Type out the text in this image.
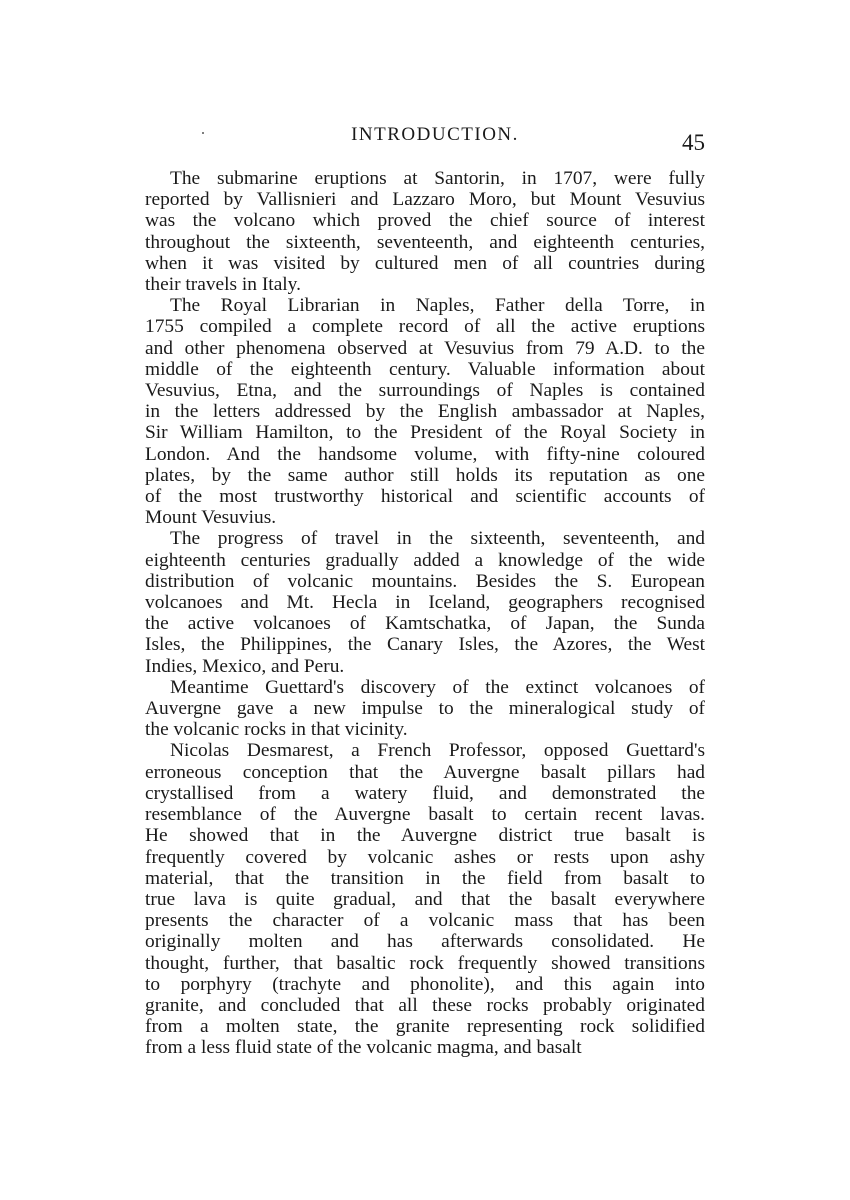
INTRODUCTION.	45

The submarine eruptions at Santorin, in 1707, were fully
reported by Vallisnieri and Lazzaro Moro, but Mount Vesuvius
was the volcano which proved the chief source of interest
throughout the sixteenth, seventeenth, and eighteenth centuries,
when it was visited by cultured men of all countries during
their travels in Italy.

The Royal Librarian in Naples, Father della Torre, in
1755 compiled a complete record of all the active eruptions
and other phenomena observed at Vesuvius from 79 A.D. to the
middle of the eighteenth century. Valuable information about
Vesuvius, Etna, and the surroundings of Naples is contained
in the letters addressed by the English ambassador at Naples,
Sir William Hamilton, to the President of the Royal Society in
London. And the handsome volume, with fifty-nine coloured
plates, by the same author still holds its reputation as one
of the most trustworthy historical and scientific accounts of
Mount Vesuvius.

The progress of travel in the sixteenth, seventeenth, and
eighteenth centuries gradually added a knowledge of the wide
distribution of volcanic mountains. Besides the S. European
volcanoes and Mt. Hecla in Iceland, geographers recognised
the active volcanoes of Kamtschatka, of Japan, the Sunda
Isles, the Philippines, the Canary Isles, the Azores, the West
Indies, Mexico, and Peru.

Meantime Guettard's discovery of the extinct volcanoes of
Auvergne gave a new impulse to the mineralogical study of
the volcanic rocks in that vicinity.

Nicolas Desmarest, a French Professor, opposed Guettard's
erroneous conception that the Auvergne basalt pillars had
crystallised from a watery fluid, and demonstrated the
resemblance of the Auvergne basalt to certain recent lavas.
He showed that in the Auvergne district true basalt is
frequently covered by volcanic ashes or rests upon ashy
material, that the transition in the field from basalt to
true lava is quite gradual, and that the basalt everywhere
presents the character of a volcanic mass that has been
originally molten and has afterwards consolidated. He
thought, further, that basaltic rock frequently showed transitions
to porphyry (trachyte and phonolite), and this again into
granite, and concluded that all these rocks probably originated
from a molten state, the granite representing rock solidified
from a less fluid state of the volcanic magma, and basalt
